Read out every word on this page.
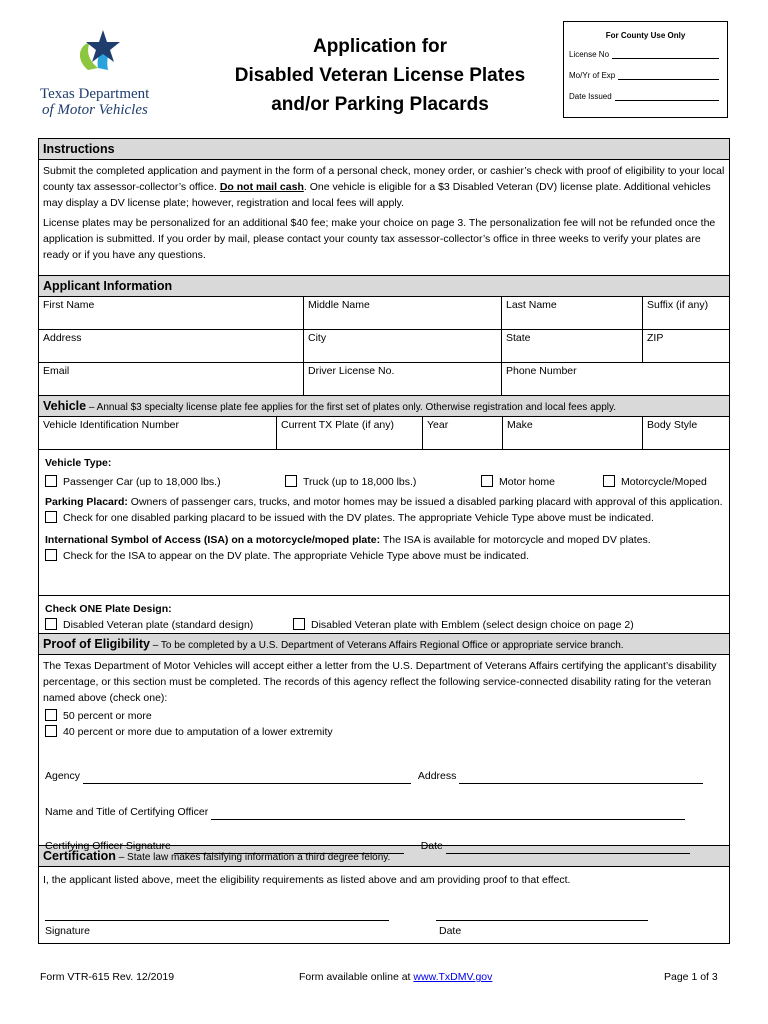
Texas Department
of Motor Vehicles
Application for
Disabled Veteran License Plates
and/or Parking Placards
For County Use Only
License No
Mo/Yr of Exp
Date Issued
Instructions
Submit the completed application and payment in the form of a personal check, money order, or cashier’s check with proof of eligibility to your local county tax assessor-collector’s office. Do not mail cash. One vehicle is eligible for a $3 Disabled Veteran (DV) license plate. Additional vehicles may display a DV license plate; however, registration and local fees will apply.
License plates may be personalized for an additional $40 fee; make your choice on page 3. The personalization fee will not be refunded once the application is submitted. If you order by mail, please contact your county tax assessor-collector’s office in three weeks to verify your plates are ready or if you have any questions.
Applicant Information
First Name	Middle Name	Last Name	Suffix (if any)
Address	City	State	ZIP
Email	Driver License No.	Phone Number
Vehicle – Annual $3 specialty license plate fee applies for the first set of plates only. Otherwise registration and local fees apply.
Vehicle Identification Number	Current TX Plate (if any)	Year	Make	Body Style
Vehicle Type:
Passenger Car (up to 18,000 lbs.)	Truck (up to 18,000 lbs.)	Motor home	Motorcycle/Moped
Parking Placard: Owners of passenger cars, trucks, and motor homes may be issued a disabled parking placard with approval of this application.
Check for one disabled parking placard to be issued with the DV plates. The appropriate Vehicle Type above must be indicated.
International Symbol of Access (ISA) on a motorcycle/moped plate: The ISA is available for motorcycle and moped DV plates.
Check for the ISA to appear on the DV plate. The appropriate Vehicle Type above must be indicated.
Check ONE Plate Design:
Disabled Veteran plate (standard design)	Disabled Veteran plate with Emblem (select design choice on page 2)
Proof of Eligibility – To be completed by a U.S. Department of Veterans Affairs Regional Office or appropriate service branch.
The Texas Department of Motor Vehicles will accept either a letter from the U.S. Department of Veterans Affairs certifying the applicant’s disability percentage, or this section must be completed. The records of this agency reflect the following service-connected disability rating for the veteran named above (check one):
50 percent or more
40 percent or more due to amputation of a lower extremity
Agency	Address
Name and Title of Certifying Officer
Certifying Officer Signature	Date
Certification – State law makes falsifying information a third degree felony.
I, the applicant listed above, meet the eligibility requirements as listed above and am providing proof to that effect.
Signature	Date
Form VTR-615 Rev. 12/2019	Form available online at www.TxDMV.gov	Page 1 of 3
